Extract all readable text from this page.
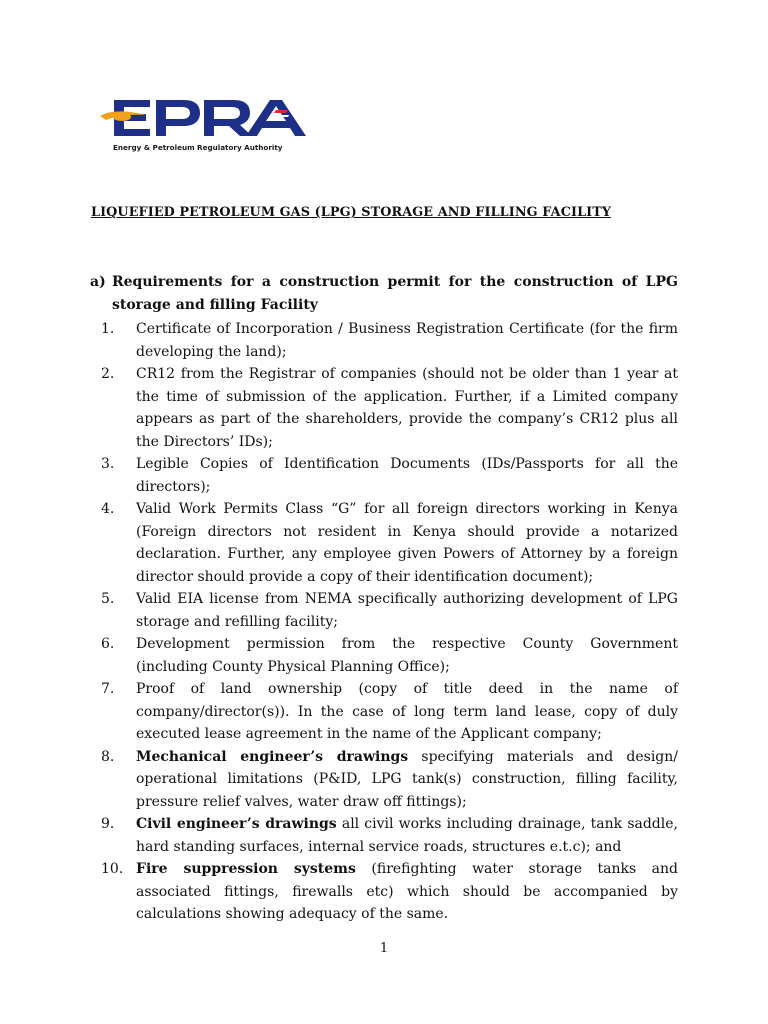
Energy & Petroleum Regulatory Authority
LIQUEFIED PETROLEUM GAS (LPG) STORAGE AND FILLING FACILITY
a) Requirements for a construction permit for the construction of LPG storage and filling Facility
1.	Certificate of Incorporation / Business Registration Certificate (for the firm developing the land);
2.	CR12 from the Registrar of companies (should not be older than 1 year at the time of submission of the application. Further, if a Limited company appears as part of the shareholders, provide the company’s CR12 plus all the Directors’ IDs);
3.	Legible Copies of Identification Documents (IDs/Passports for all the directors);
4.	Valid Work Permits Class “G” for all foreign directors working in Kenya (Foreign directors not resident in Kenya should provide a notarized declaration. Further, any employee given Powers of Attorney by a foreign director should provide a copy of their identification document);
5.	Valid EIA license from NEMA specifically authorizing development of LPG storage and refilling facility;
6.	Development permission from the respective County Government (including County Physical Planning Office);
7.	Proof of land ownership (copy of title deed in the name of company/director(s)). In the case of long term land lease, copy of duly executed lease agreement in the name of the Applicant company;
8.	Mechanical engineer’s drawings specifying materials and design/ operational limitations (P&ID, LPG tank(s) construction, filling facility, pressure relief valves, water draw off fittings);
9.	Civil engineer’s drawings all civil works including drainage, tank saddle, hard standing surfaces, internal service roads, structures e.t.c); and
10. Fire suppression systems (firefighting water storage tanks and associated fittings, firewalls etc) which should be accompanied by calculations showing adequacy of the same.
1
